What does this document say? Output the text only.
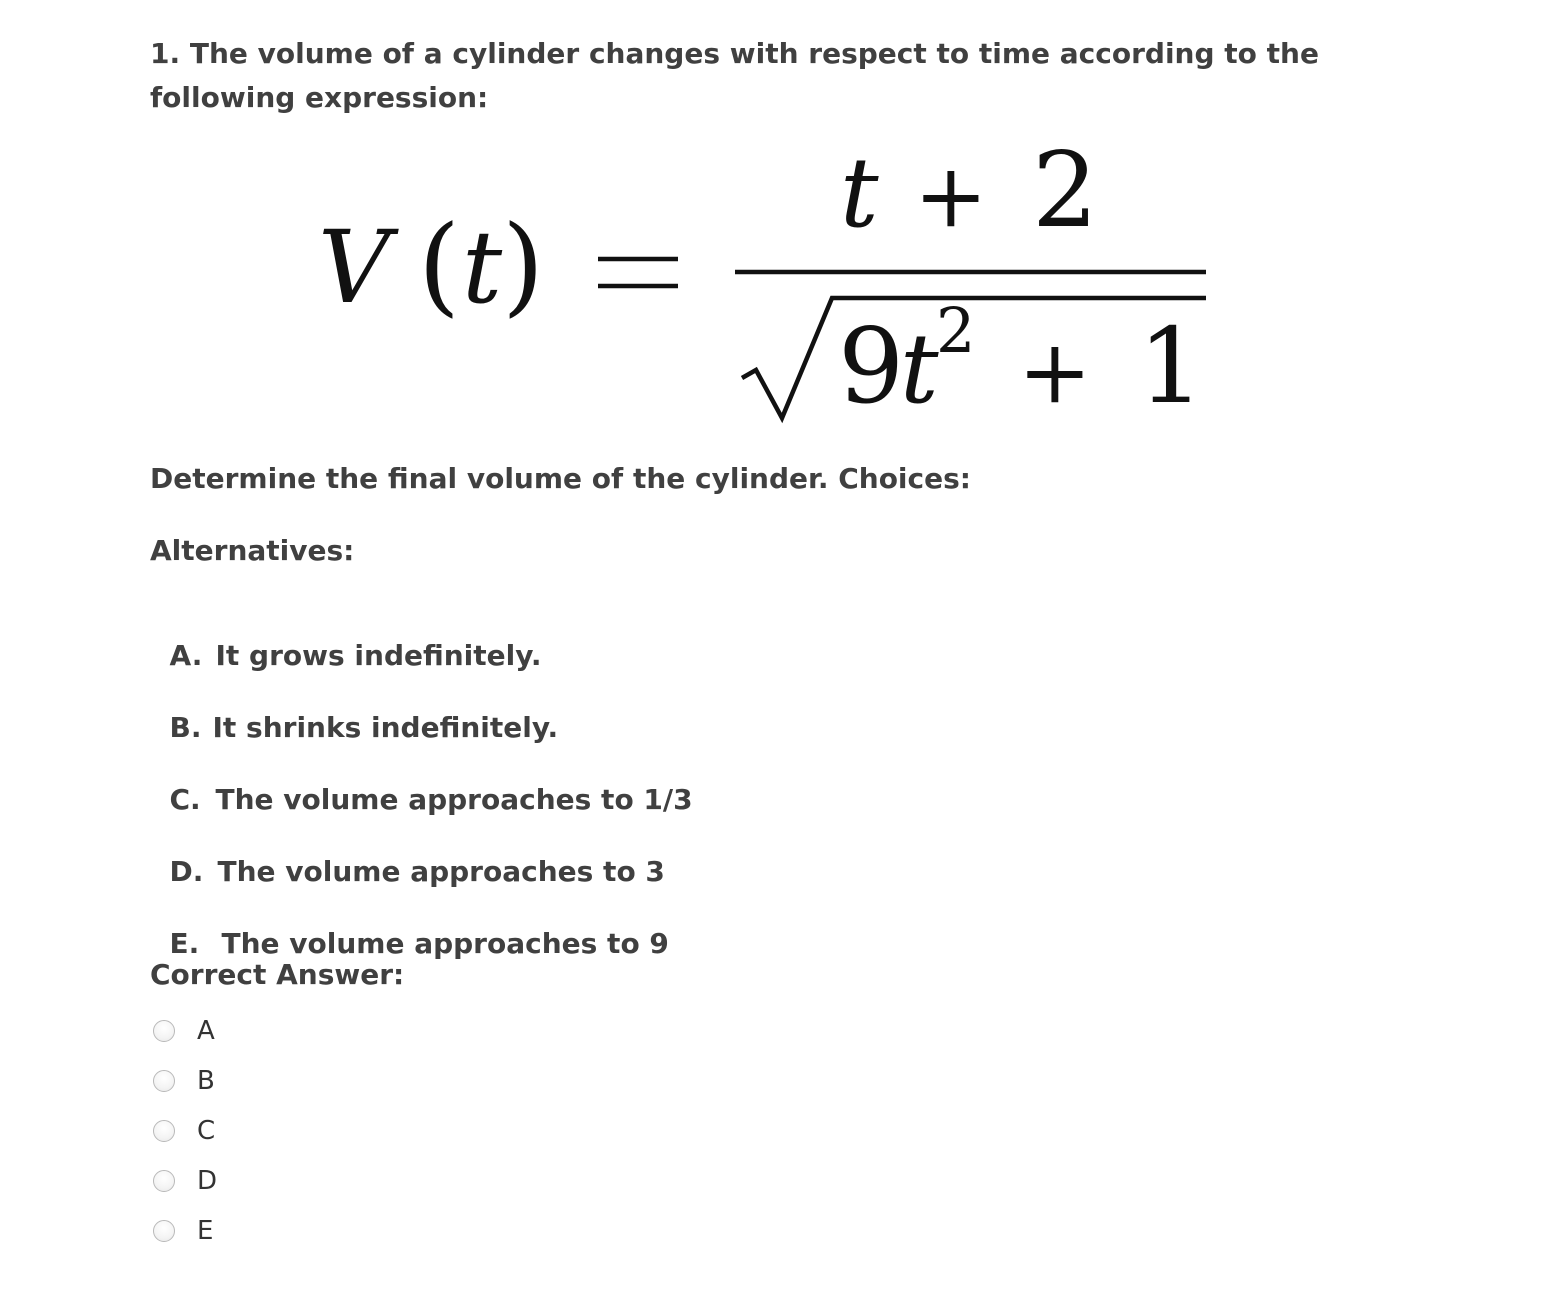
1. The volume of a cylinder changes with respect to time according to the following expression:
V ( t )
t + 2
9
t
2 + 1
Determine the final volume of the cylinder. Choices:
Alternatives:

A. It grows indefinitely.

B. It shrinks indefinitely.

C. The volume approaches to 1/3

D. The volume approaches to 3

E. The volume approaches to 9

Correct Answer:
A
B
C
D
E
